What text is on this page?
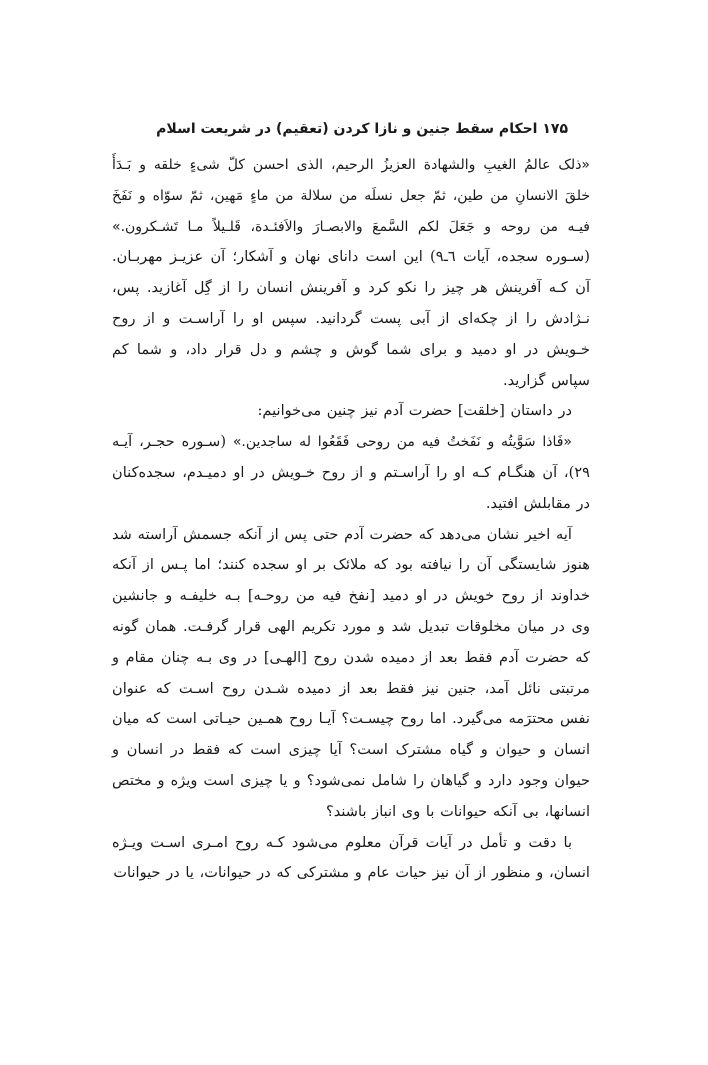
۱۷۵ احکام سقط جنین و نازا کردن (تعقیم) در شریعت اسلام

«ذلک عالمُ الغیبِ والشهادة العزیزُ الرحیم، الذی احسن کلّ شیءٍ خلقه و بَـدَأَ خلقَ الانسانِ من طین، ثمّ جعل نسلَه من سلالة من ماءٍ مَهین، ثمّ سوّاه و نَفَخَ فیـه من روحه و جَعَلَ لکم السَّمعَ والابصـارَ والاَفئـدة، قَلـیلاً مـا تَشـکرون.» (سـوره سجده، آیات ٦ـ٩) این است دانای نهان و آشکار؛ آن عزیـز مهربـان. آن کـه آفرینش هر چیز را نکو کرد و آفرینش انسان را از گِل آغازید. پس، نـژادش را از چکه‌ای از آبی پست گردانید. سپس او را آراسـت و از روح خـویش در او دمید و برای شما گوش و چشم و دل قرار داد، و شما کم سپاس گزارید.

در داستان [خلقت] حضرت آدم نیز چنین می‌خوانیم:

«فَاذا سَوَّیتُه و نَفَختُ فیه من روحی فَقَعُوا له ساجدین.» (سـوره حجـر، آیـه ٢٩)، آن هنگـام کـه او را آراسـتم و از روح خـویش در او دمیـدم، سجده‌کنان در مقابلش افتید.

آیه اخیر نشان می‌دهد که حضرت آدم حتی پس از آنکه جسمش آراسته شد هنوز شایستگی آن را نیافته بود که ملائک بر او سجده کنند؛ اما پـس از آنکه خداوند از روح خویش در او دمید [نفخ فیه من روحـه] بـه خلیفـه و جانشین وی در میان مخلوقات تبدیل شد و مورد تکریم الهی قرار گرفـت. همان گونه که حضرت آدم فقط بعد از دمیده شدن روح [الهـی] در وی بـه چنان مقام و مرتبتی نائل آمد، جنین نیز فقط بعد از دمیده شـدن روح اسـت که عنوان نفس محترَمه می‌گیرد. اما روح چیسـت؟ آیـا روح همـین حیـاتی است که میان انسان و حیوان و گیاه مشترک است؟ آیا چیزی است که فقط در انسان و حیوان وجود دارد و گیاهان را شامل نمی‌شود؟ و یا چیزی است ویژه و مختص انسانها، بی آنکه حیوانات با وی انباز باشند؟

با دقت و تأمل در آیات قرآن معلوم می‌شود کـه روح امـری اسـت ویـژه انسان، و منظور از آن نیز حیات عام و مشترکی که در حیوانات، یا در حیوانات
